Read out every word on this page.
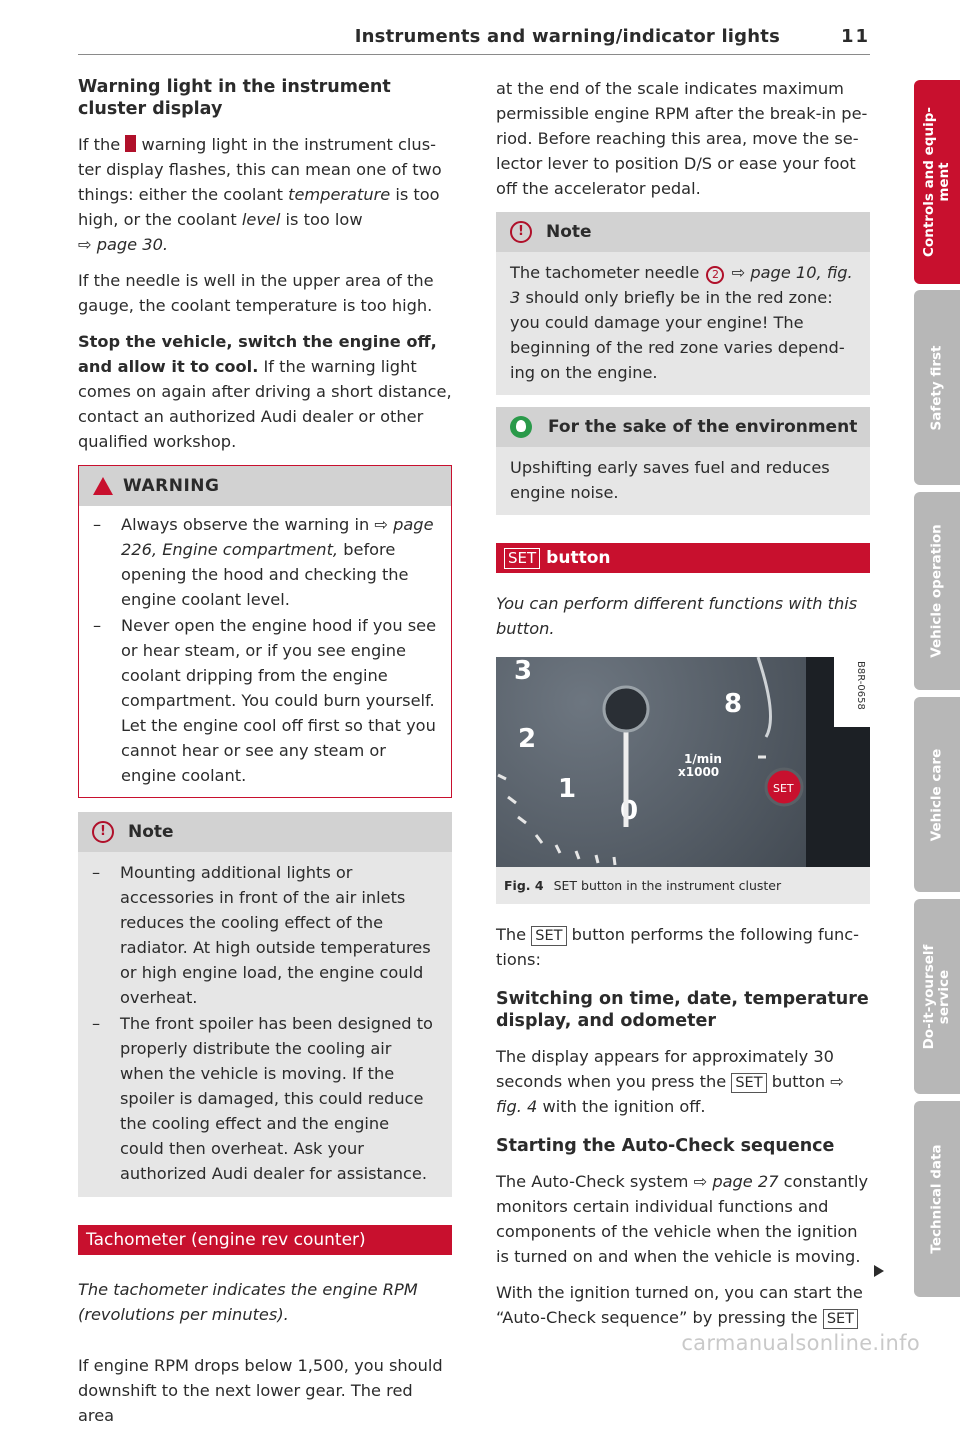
Instruments and warning/indicator lights	11
Warning light in the instrument cluster display

If the warning light in the instrument cluster display flashes, this can mean one of two things: either the coolant temperature is too high, or the coolant level is too low
⇨ page 30.

If the needle is well in the upper area of the gauge, the coolant temperature is too high.

Stop the vehicle, switch the engine off, and allow it to cool. If the warning light comes on again after driving a short distance, contact an authorized Audi dealer or other qualified workshop.

WARNING
– Always observe the warning in ⇨ page 226, Engine compartment, before opening the hood and checking the engine coolant level.
– Never open the engine hood if you see or hear steam, or if you see engine coolant dripping from the engine compartment. You could burn yourself. Let the engine cool off first so that you cannot hear or see any steam or engine coolant.
!	Note
– Mounting additional lights or accessories in front of the air inlets reduces the cooling effect of the radiator. At high outside temperatures or high engine load, the engine could overheat.
– The front spoiler has been designed to properly distribute the cooling air when the vehicle is moving. If the spoiler is damaged, this could reduce the cooling effect and the engine could then overheat. Ask your authorized Audi dealer for assistance.
Tachometer (engine rev counter)

The tachometer indicates the engine RPM (revolutions per minutes).

If engine RPM drops below 1,500, you should downshift to the next lower gear. The red area

at the end of the scale indicates maximum permissible engine RPM after the break-in period. Before reaching this area, move the selector lever to position D/S or ease your foot off the accelerator pedal.

!	Note
The tachometer needle 2 ⇨ page 10, fig. 3 should only briefly be in the red zone: you could damage your engine! The beginning of the red zone varies depending on the engine.
For the sake of the environment
Upshifting early saves fuel and reduces engine noise.
SET button

You can perform different functions with this button.

3
8
2
1
0
1/min
x1000
SET
B8R-0658
Fig. 4 SET button in the instrument cluster

The SET button performs the following functions:

Switching on time, date, temperature display, and odometer

The display appears for approximately 30 seconds when you press the SET button ⇨ fig. 4 with the ignition off.

Starting the Auto-Check sequence

The Auto-Check system ⇨ page 27 constantly monitors certain individual functions and components of the vehicle when the ignition is turned on and when the vehicle is moving.

With the ignition turned on, you can start the “Auto-Check sequence” by pressing the SET

Controls and equip-
ment
Safety first
Vehicle operation
Vehicle care
Do-it-yourself
service
Technical data
carmanualsonline.info
